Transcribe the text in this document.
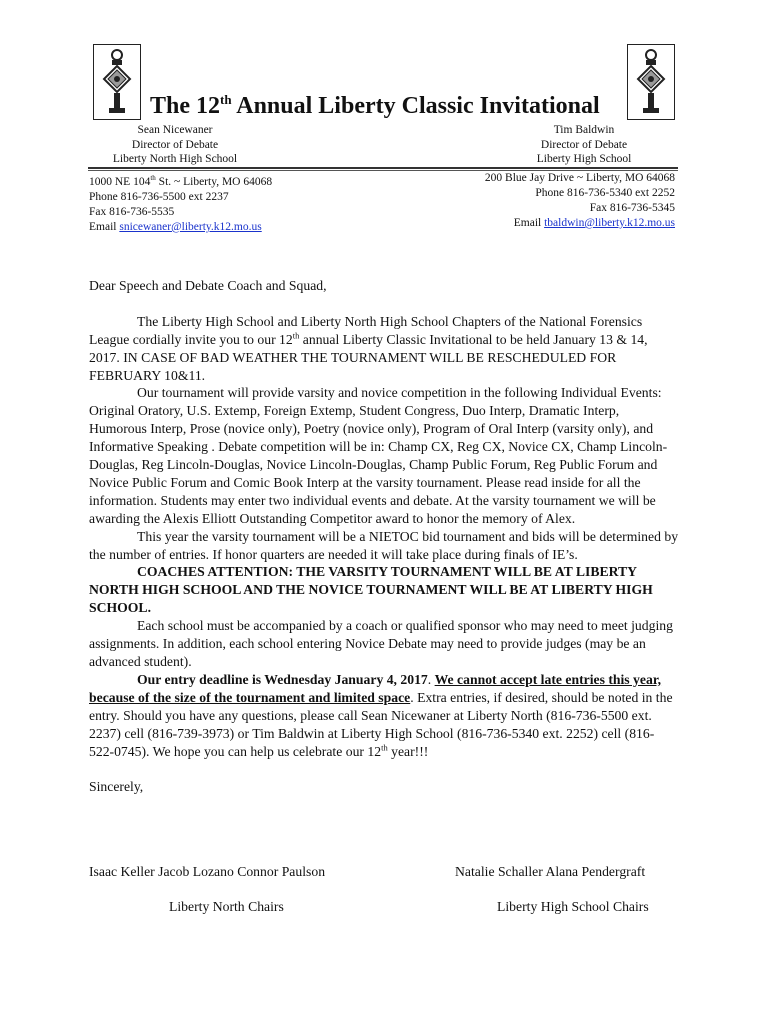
The 12th Annual Liberty Classic Invitational
Sean Nicewaner
Director of Debate
Liberty North High School
Tim Baldwin
Director of Debate
Liberty High School
1000 NE 104th St. ~ Liberty, MO 64068
Phone 816-736-5500 ext 2237
Fax 816-736-5535
Email snicewaner@liberty.k12.mo.us
200 Blue Jay Drive ~ Liberty, MO 64068
Phone 816-736-5340 ext 2252
Fax 816-736-5345
Email tbaldwin@liberty.k12.mo.us

Dear Speech and Debate Coach and Squad,

The Liberty High School and Liberty North High School Chapters of the National Forensics League cordially invite you to our 12th annual Liberty Classic Invitational to be held January 13 & 14, 2017. IN CASE OF BAD WEATHER THE TOURNAMENT WILL BE RESCHEDULED FOR FEBRUARY 10&11.

Our tournament will provide varsity and novice competition in the following Individual Events: Original Oratory, U.S. Extemp, Foreign Extemp, Student Congress, Duo Interp, Dramatic Interp, Humorous Interp, Prose (novice only), Poetry (novice only), Program of Oral Interp (varsity only), and Informative Speaking . Debate competition will be in: Champ CX, Reg CX, Novice CX, Champ Lincoln-Douglas, Reg Lincoln-Douglas, Novice Lincoln-Douglas, Champ Public Forum, Reg Public Forum and Novice Public Forum and Comic Book Interp at the varsity tournament. Please read inside for all the information. Students may enter two individual events and debate. At the varsity tournament we will be awarding the Alexis Elliott Outstanding Competitor award to honor the memory of Alex.

This year the varsity tournament will be a NIETOC bid tournament and bids will be determined by the number of entries. If honor quarters are needed it will take place during finals of IE’s.

COACHES ATTENTION: THE VARSITY TOURNAMENT WILL BE AT LIBERTY NORTH HIGH SCHOOL AND THE NOVICE TOURNAMENT WILL BE AT LIBERTY HIGH SCHOOL.

Each school must be accompanied by a coach or qualified sponsor who may need to meet judging assignments. In addition, each school entering Novice Debate may need to provide judges (may be an advanced student).

Our entry deadline is Wednesday January 4, 2017. We cannot accept late entries this year, because of the size of the tournament and limited space. Extra entries, if desired, should be noted in the entry. Should you have any questions, please call Sean Nicewaner at Liberty North (816-736-5500 ext. 2237) cell (816-739-3973) or Tim Baldwin at Liberty High School (816-736-5340 ext. 2252) cell (816-522-0745). We hope you can help us celebrate our 12th year!!!

Sincerely,

Isaac Keller Jacob Lozano Connor Paulson	Natalie Schaller Alana Pendergraft
Liberty North Chairs	Liberty High School Chairs
